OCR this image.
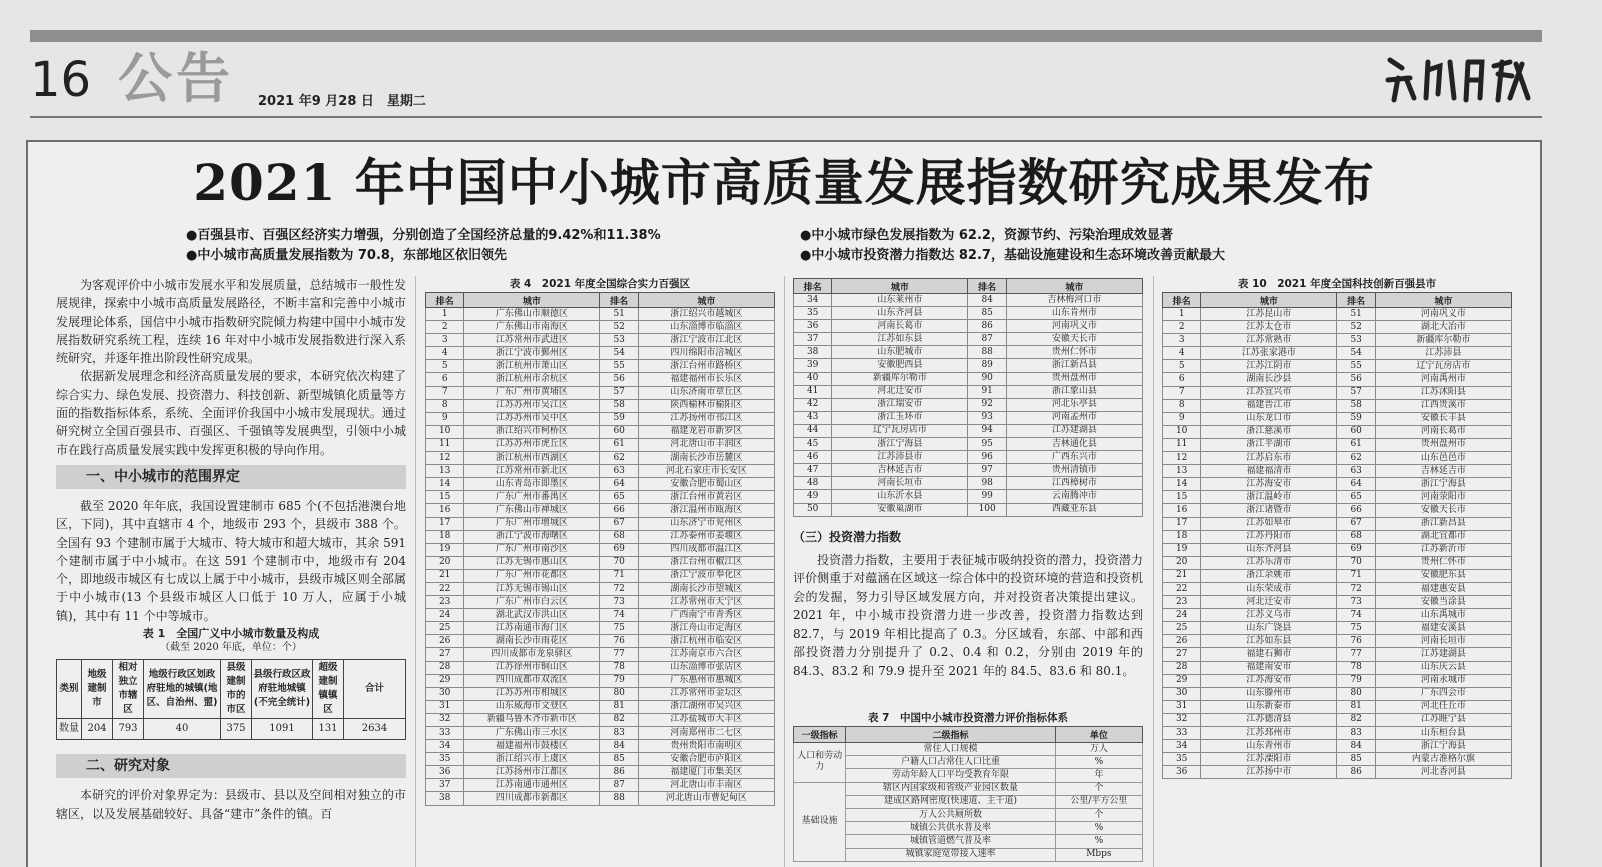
16 公告 2021 年9 月28 日　星期二
2021 年中国中小城市高质量发展指数研究成果发布
●百强县市、百强区经济实力增强，分别创造了全国经济总量的9.42%和11.38%
●中小城市高质量发展指数为 70.8，东部地区依旧领先
●中小城市绿色发展指数为 62.2，资源节约、污染治理成效显著
●中小城市投资潜力指数达 82.7，基础设施建设和生态环境改善贡献最大

为客观评价中小城市发展水平和发展质量，总结城市一般性发展规律，探索中小城市高质量发展路径，不断丰富和完善中小城市发展理论体系，国信中小城市指数研究院倾力构建中国中小城市发展指数研究系统工程，连续 16 年对中小城市发展指数进行深入系统研究，并逐年推出阶段性研究成果。

依据新发展理念和经济高质量发展的要求，本研究依次构建了综合实力、绿色发展、投资潜力、科技创新、新型城镇化质量等方面的指数指标体系，系统、全面评价我国中小城市发展现状。通过研究树立全国百强县市、百强区、千强镇等发展典型，引领中小城市在践行高质量发展实践中发挥更积极的导向作用。

一、中小城市的范围界定

截至 2020 年年底，我国设置建制市 685 个(不包括港澳台地区，下同)，其中直辖市 4 个，地级市 293 个，县级市 388 个。全国有 93 个建制市属于大城市、特大城市和超大城市，其余 591 个建制市属于中小城市。在这 591 个建制市中，地级市有 204 个，即地级市城区有七成以上属于中小城市，县级市城区则全部属于中小城市(13 个县级市城区人口低于 10 万人，应属于小城镇)，其中有 11 个中等城市。

表 1　全国广义中小城市数量及构成
（截至 2020 年底，单位：个）
类别	地级建制市	相对独立市辖区	地级行政区划政府驻地的城镇(地区、自治州、盟)	县级建制市的市区	县级行政区政府驻地城镇(不完全统计)	超级建制镇镇区	合计
数量	204	793	40	375	1091	131	2634
二、研究对象

本研究的评价对象界定为：县级市、县以及空间相对独立的市辖区，以及发展基础较好、具备“建市”条件的镇。百

表 4　2021 年度全国综合实力百强区
排名	城市	排名	城市
1	广东佛山市顺德区	51	浙江绍兴市越城区
2	广东佛山市南海区	52	山东淄博市临淄区
3	江苏常州市武进区	53	浙江宁波市江北区
4	浙江宁波市鄞州区	54	四川绵阳市涪城区
5	浙江杭州市萧山区	55	浙江台州市路桥区
6	浙江杭州市余杭区	56	福建福州市长乐区
7	广东广州市黄埔区	57	山东济南市章丘区
8	江苏苏州市吴江区	58	陕西榆林市榆阳区
9	江苏苏州市吴中区	59	江苏扬州市邗江区
10	浙江绍兴市柯桥区	60	福建龙岩市新罗区
11	江苏苏州市虎丘区	61	河北唐山市丰润区
12	浙江杭州市西湖区	62	湖南长沙市岳麓区
13	江苏常州市新北区	63	河北石家庄市长安区
14	山东青岛市即墨区	64	安徽合肥市蜀山区
15	广东广州市番禺区	65	浙江台州市黄岩区
16	广东佛山市禅城区	66	浙江温州市瓯海区
17	广东广州市增城区	67	山东济宁市兖州区
18	浙江宁波市海曙区	68	江苏泰州市姜堰区
19	广东广州市南沙区	69	四川成都市温江区
20	江苏无锡市惠山区	70	浙江台州市椒江区
21	广东广州市花都区	71	浙江宁波市奉化区
22	江苏无锡市锡山区	72	湖南长沙市望城区
23	广东广州市白云区	73	江苏常州市天宁区
24	湖北武汉市洪山区	74	广西南宁市青秀区
25	江苏南通市海门区	75	浙江舟山市定海区
26	湖南长沙市雨花区	76	浙江杭州市临安区
27	四川成都市龙泉驿区	77	江苏南京市六合区
28	江苏徐州市铜山区	78	山东淄博市张店区
29	四川成都市双流区	79	广东惠州市惠城区
30	江苏苏州市相城区	80	江苏常州市金坛区
31	山东威海市文登区	81	浙江湖州市吴兴区
32	新疆乌鲁木齐市新市区	82	江苏盐城市大丰区
33	广东佛山市三水区	83	河南郑州市二七区
34	福建福州市鼓楼区	84	贵州贵阳市南明区
35	浙江绍兴市上虞区	85	安徽合肥市庐阳区
36	江苏扬州市江都区	86	福建厦门市集美区
37	江苏南通市通州区	87	河北唐山市丰南区
38	四川成都市新都区	88	河北唐山市曹妃甸区
排名	城市	排名	城市
34	山东莱州市	84	吉林梅河口市
35	山东齐河县	85	山东肯州市
36	河南长葛市	86	河南巩义市
37	江苏如东县	87	安徽天长市
38	山东肥城市	88	贵州仁怀市
39	安徽肥西县	89	浙江新昌县
40	新疆库尔勒市	90	贵州盘州市
41	河北迁安市	91	浙江象山县
42	浙江瑞安市	92	河北乐亭县
43	浙江玉环市	93	河南孟州市
44	辽宁瓦房店市	94	江苏建湖县
45	浙江宁海县	95	吉林通化县
46	江苏沛县市	96	广西东兴市
47	吉林延吉市	97	贵州清镇市
48	河南长垣市	98	江西樟树市
49	山东沂水县	99	云南腾冲市
50	安徽巢湖市	100	西藏亚东县
（三）投资潜力指数

投资潜力指数，主要用于表征城市吸纳投资的潜力，投资潜力评价侧重于对蕴涵在区域这一综合体中的投资环境的营造和投资机会的发掘，努力引导区域发展方向，并对投资者决策提出建议。2021 年，中小城市投资潜力进一步改善，投资潜力指数达到 82.7，与 2019 年相比提高了 0.3。分区域看，东部、中部和西部投资潜力分别提升了 0.2、0.4 和 0.2，分别由 2019 年的 84.3、83.2 和 79.9 提升至 2021 年的 84.5、83.6 和 80.1。

表 7　中国中小城市投资潜力评价指标体系
一级指标	二级指标	单位
人口和劳动力	常住人口规模	万人
	户籍人口占常住人口比重	%
	劳动年龄人口平均受教育年限	年
基础设施	辖区内国家级和省级产业园区数量	个
	建成区路网密度(快速道、主干道)	公里/平方公里
	万人公共厕所数	个
	城镇公共供水普及率	%
	城镇管道燃气普及率	%
	城镇家庭宽带接入速率	Mbps
表 10　2021 年度全国科技创新百强县市
排名	城市	排名	城市
1	江苏昆山市	51	河南巩义市
2	江苏太仓市	52	湖北大冶市
3	江苏常熟市	53	新疆库尔勒市
4	江苏张家港市	54	江苏沛县
5	江苏江阴市	55	辽宁瓦房店市
6	湖南长沙县	56	河南禹州市
7	江苏宜兴市	57	江苏沭阳县
8	福建晋江市	58	江西贵溪市
9	山东龙口市	59	安徽长丰县
10	浙江慈溪市	60	河南长葛市
11	浙江平湖市	61	贵州盘州市
12	江苏启东市	62	山东邑邑市
13	福建福清市	63	吉林延吉市
14	江苏海安市	64	浙江宁海县
15	浙江温岭市	65	河南荥阳市
16	浙江诸暨市	66	安徽天长市
17	江苏如皋市	67	浙江新昌县
18	江苏丹阳市	68	湖北宜都市
19	山东齐河县	69	江苏新沂市
20	江苏乐清市	70	贵州仁怀市
21	浙江余姚市	71	安徽肥东县
22	山东荣成市	72	福建惠安县
23	河北迁安市	73	安徽当涂县
24	江苏义乌市	74	山东禹城市
25	山东广饶县	75	福建安溪县
26	江苏如东县	76	河南长垣市
27	福建石狮市	77	江苏建湖县
28	福建南安市	78	山东庆云县
29	江苏海安市	79	河南永城市
30	山东滕州市	80	广东四会市
31	山东新泰市	81	河北任丘市
32	江苏德清县	82	江苏睢宁县
33	江苏邳州市	83	山东桓台县
34	山东青州市	84	浙江宁海县
35	江苏溧阳市	85	内蒙古准格尔旗
36	江苏扬中市	86	河北香河县
